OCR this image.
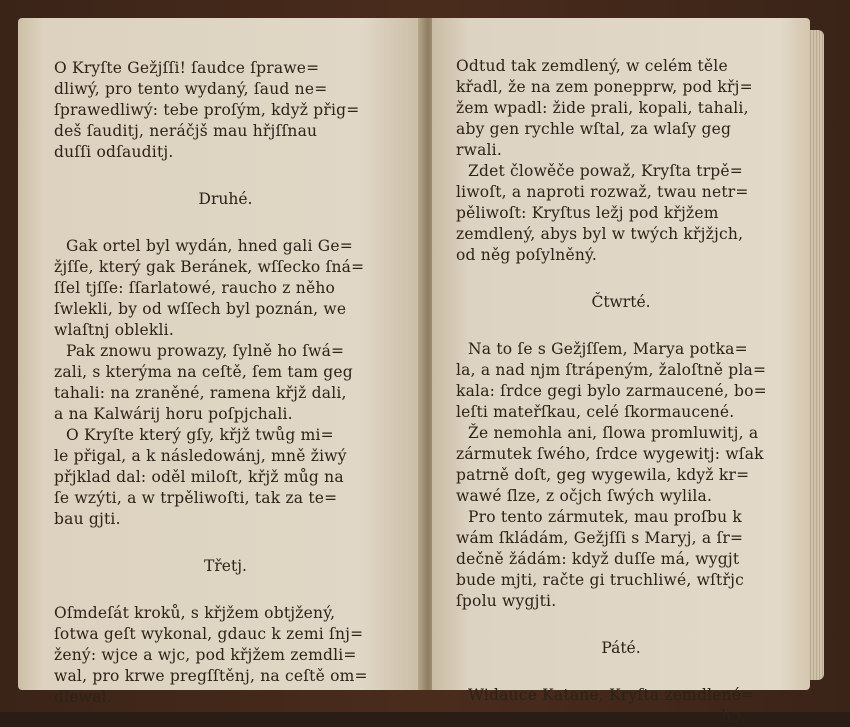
O Kryſte Gežjſſi! ſaudce ſprawe=
dliwý, pro tento wydaný, ſaud ne=
ſprawedliwý: tebe proſým, když přig=
deš ſauditj, neráčjš mau hřjſſnau
duſſi odſauditj.
Druhé.
Gak ortel byl wydán, hned gali Ge=
žjſſe, který gak Beránek, wſſecko ſná=
ſſel tjſſe: ſſarlatowé, raucho z něho
ſwlekli, by od wſſech byl poznán, we
wlaſtnj oblekli.
Pak znowu prowazy, ſylně ho ſwá=
zali, s kterýma na ceſtě, ſem tam geg
tahali: na zraněné, ramena křjž dali,
a na Kalwárij horu poſpjchali.
O Kryſte který gſy, křjž twůg mi=
le přigal, a k následowánj, mně žiwý
přjklad dal: oděl miloſt, křjž můg na
ſe wzýti, a w trpěliwoſti, tak za te=
bau gjti.
Třetj.
Oſmdeſát kroků, s křjžem obtjžený,
ſotwa geſt wykonal, gdauc k zemi ſnj=
žený: wjce a wjc, pod křjžem zemdli=
wal, pro krwe pregſſtěnj, na ceſtě om=
dlewal.
Odtud tak zemdlený, w celém těle
křadl, že na zem ponepprw, pod křj=
žem wpadl: žide prali, kopali, tahali,
aby gen rychle wſtal, za wlaſy geg
rwali.
Zdet člowěče powaž, Kryſta trpě=
liwoſt, a naproti rozwaž, twau netr=
pěliwoſt: Kryſtus ležj pod křjžem
zemdlený, abys byl w twých křjžjch,
od něg poſylněný.
Čtwrté.
Na to ſe s Gežjſſem, Marya potka=
la, a nad njm ſtrápeným, žaloſtně pla=
kala: ſrdce gegi bylo zarmaucené, bo=
leſti mateřſkau, celé ſkormaucené.
Že nemohla ani, ſlowa promluwitj, a
zármutek ſwého, ſrdce wygewitj: wſak
patrně doſt, geg wygewila, když kr=
wawé ſlze, z očjch ſwých wylila.
Pro tento zármutek, mau proſbu k
wám ſkládám, Gežjſſi s Maryj, a ſr=
dečně žádám: když duſſe má, wygjt
bude mjti, račte gi truchliwé, wſtřjc
ſpolu wygjti.
Páté.
Widauce Katane, Kryſta zemdlené=
ho,
